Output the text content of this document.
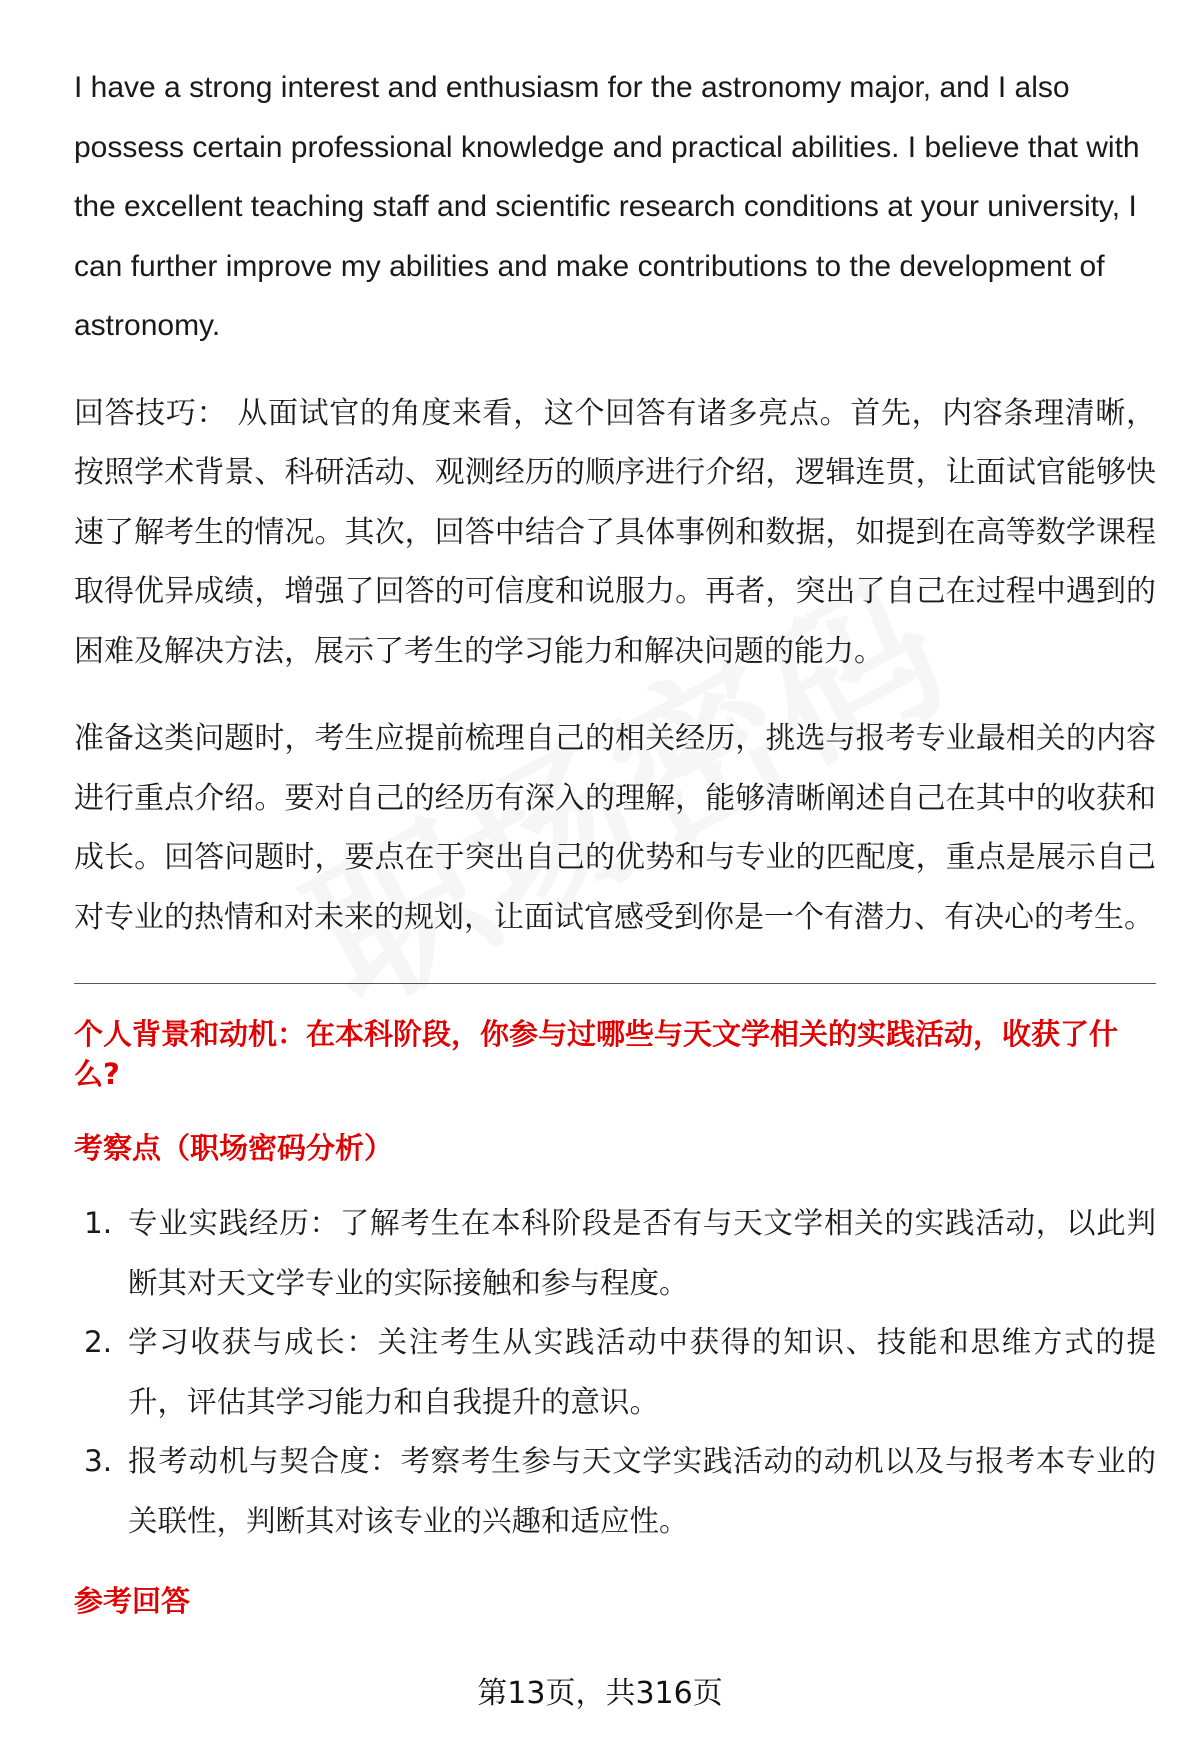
I have a strong interest and enthusiasm for the astronomy major, and I also possess certain professional knowledge and practical abilities. I believe that with the excellent teaching staff and scientific research conditions at your university, I can further improve my abilities and make contributions to the development of astronomy.

回答技巧： 从面试官的角度来看，这个回答有诸多亮点。首先，内容条理清晰，按照学术背景、科研活动、观测经历的顺序进行介绍，逻辑连贯，让面试官能够快速了解考生的情况。其次，回答中结合了具体事例和数据，如提到在高等数学课程取得优异成绩，增强了回答的可信度和说服力。再者，突出了自己在过程中遇到的困难及解决方法，展示了考生的学习能力和解决问题的能力。

准备这类问题时，考生应提前梳理自己的相关经历，挑选与报考专业最相关的内容进行重点介绍。要对自己的经历有深入的理解，能够清晰阐述自己在其中的收获和成长。回答问题时，要点在于突出自己的优势和与专业的匹配度，重点是展示自己对专业的热情和对未来的规划，让面试官感受到你是一个有潜力、有决心的考生。

个人背景和动机：在本科阶段，你参与过哪些与天文学相关的实践活动，收获了什么?
考察点（职场密码分析）
1. 专业实践经历：了解考生在本科阶段是否有与天文学相关的实践活动，以此判断其对天文学专业的实际接触和参与程度。
2. 学习收获与成长：关注考生从实践活动中获得的知识、技能和思维方式的提升，评估其学习能力和自我提升的意识。
3. 报考动机与契合度：考察考生参与天文学实践活动的动机以及与报考本专业的关联性，判断其对该专业的兴趣和适应性。
参考回答
第13页，共316页
